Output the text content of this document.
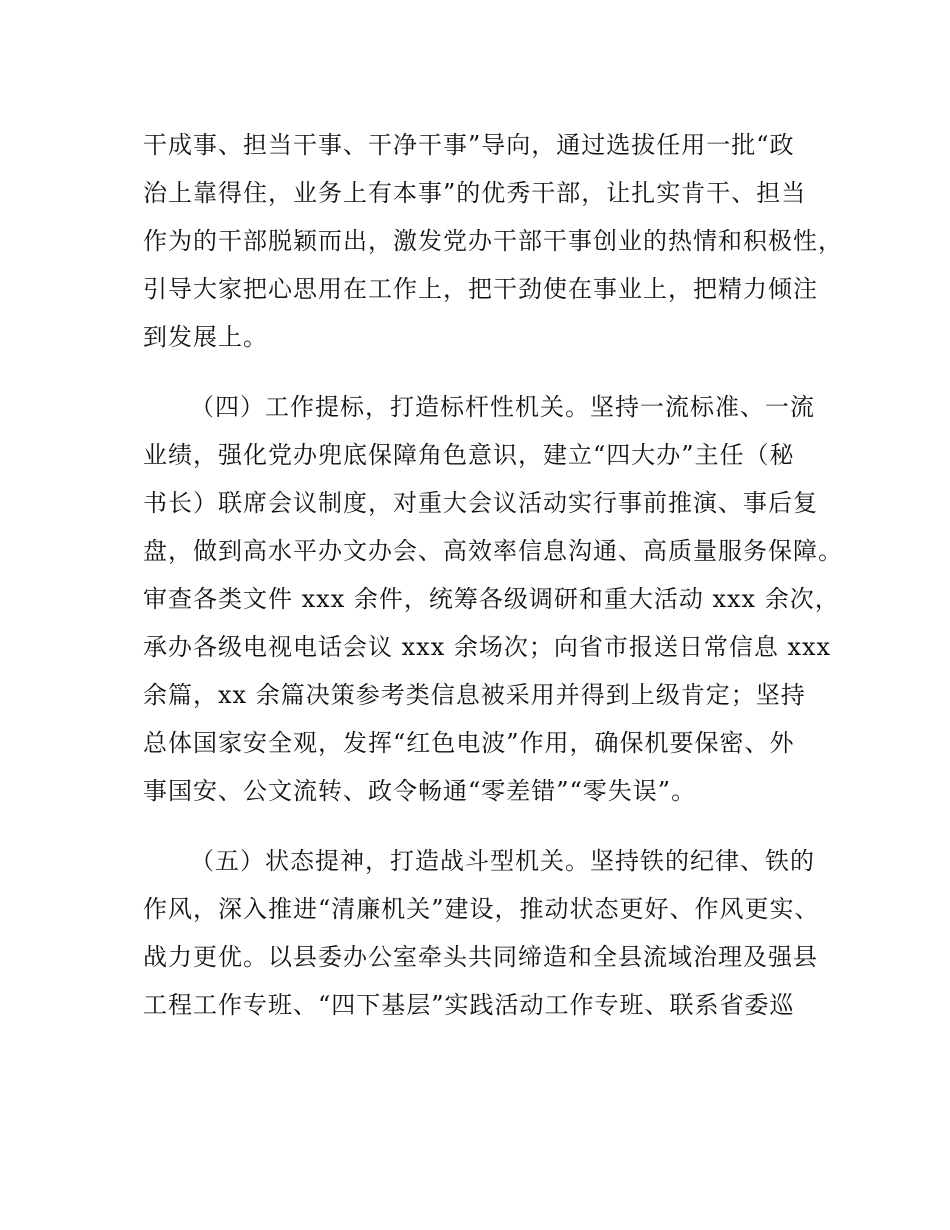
干成事、担当干事、干净干事”导向，通过选拔任用一批“政
治上靠得住，业务上有本事”的优秀干部，让扎实肯干、担当
作为的干部脱颖而出，激发党办干部干事创业的热情和积极性，
引导大家把心思用在工作上，把干劲使在事业上，把精力倾注
到发展上。
（四）工作提标，打造标杆性机关。坚持一流标准、一流
业绩，强化党办兜底保障角色意识，建立“四大办”主任（秘
书长）联席会议制度，对重大会议活动实行事前推演、事后复
盘，做到高水平办文办会、高效率信息沟通、高质量服务保障。
审查各类文件 xxx 余件，统筹各级调研和重大活动 xxx 余次，
承办各级电视电话会议 xxx 余场次；向省市报送日常信息 xxx
余篇，xx 余篇决策参考类信息被采用并得到上级肯定；坚持
总体国家安全观，发挥“红色电波”作用，确保机要保密、外
事国安、公文流转、政令畅通“零差错”“零失误”。
（五）状态提神，打造战斗型机关。坚持铁的纪律、铁的
作风，深入推进“清廉机关”建设，推动状态更好、作风更实、
战力更优。以县委办公室牵头共同缔造和全县流域治理及强县
工程工作专班、“四下基层”实践活动工作专班、联系省委巡
